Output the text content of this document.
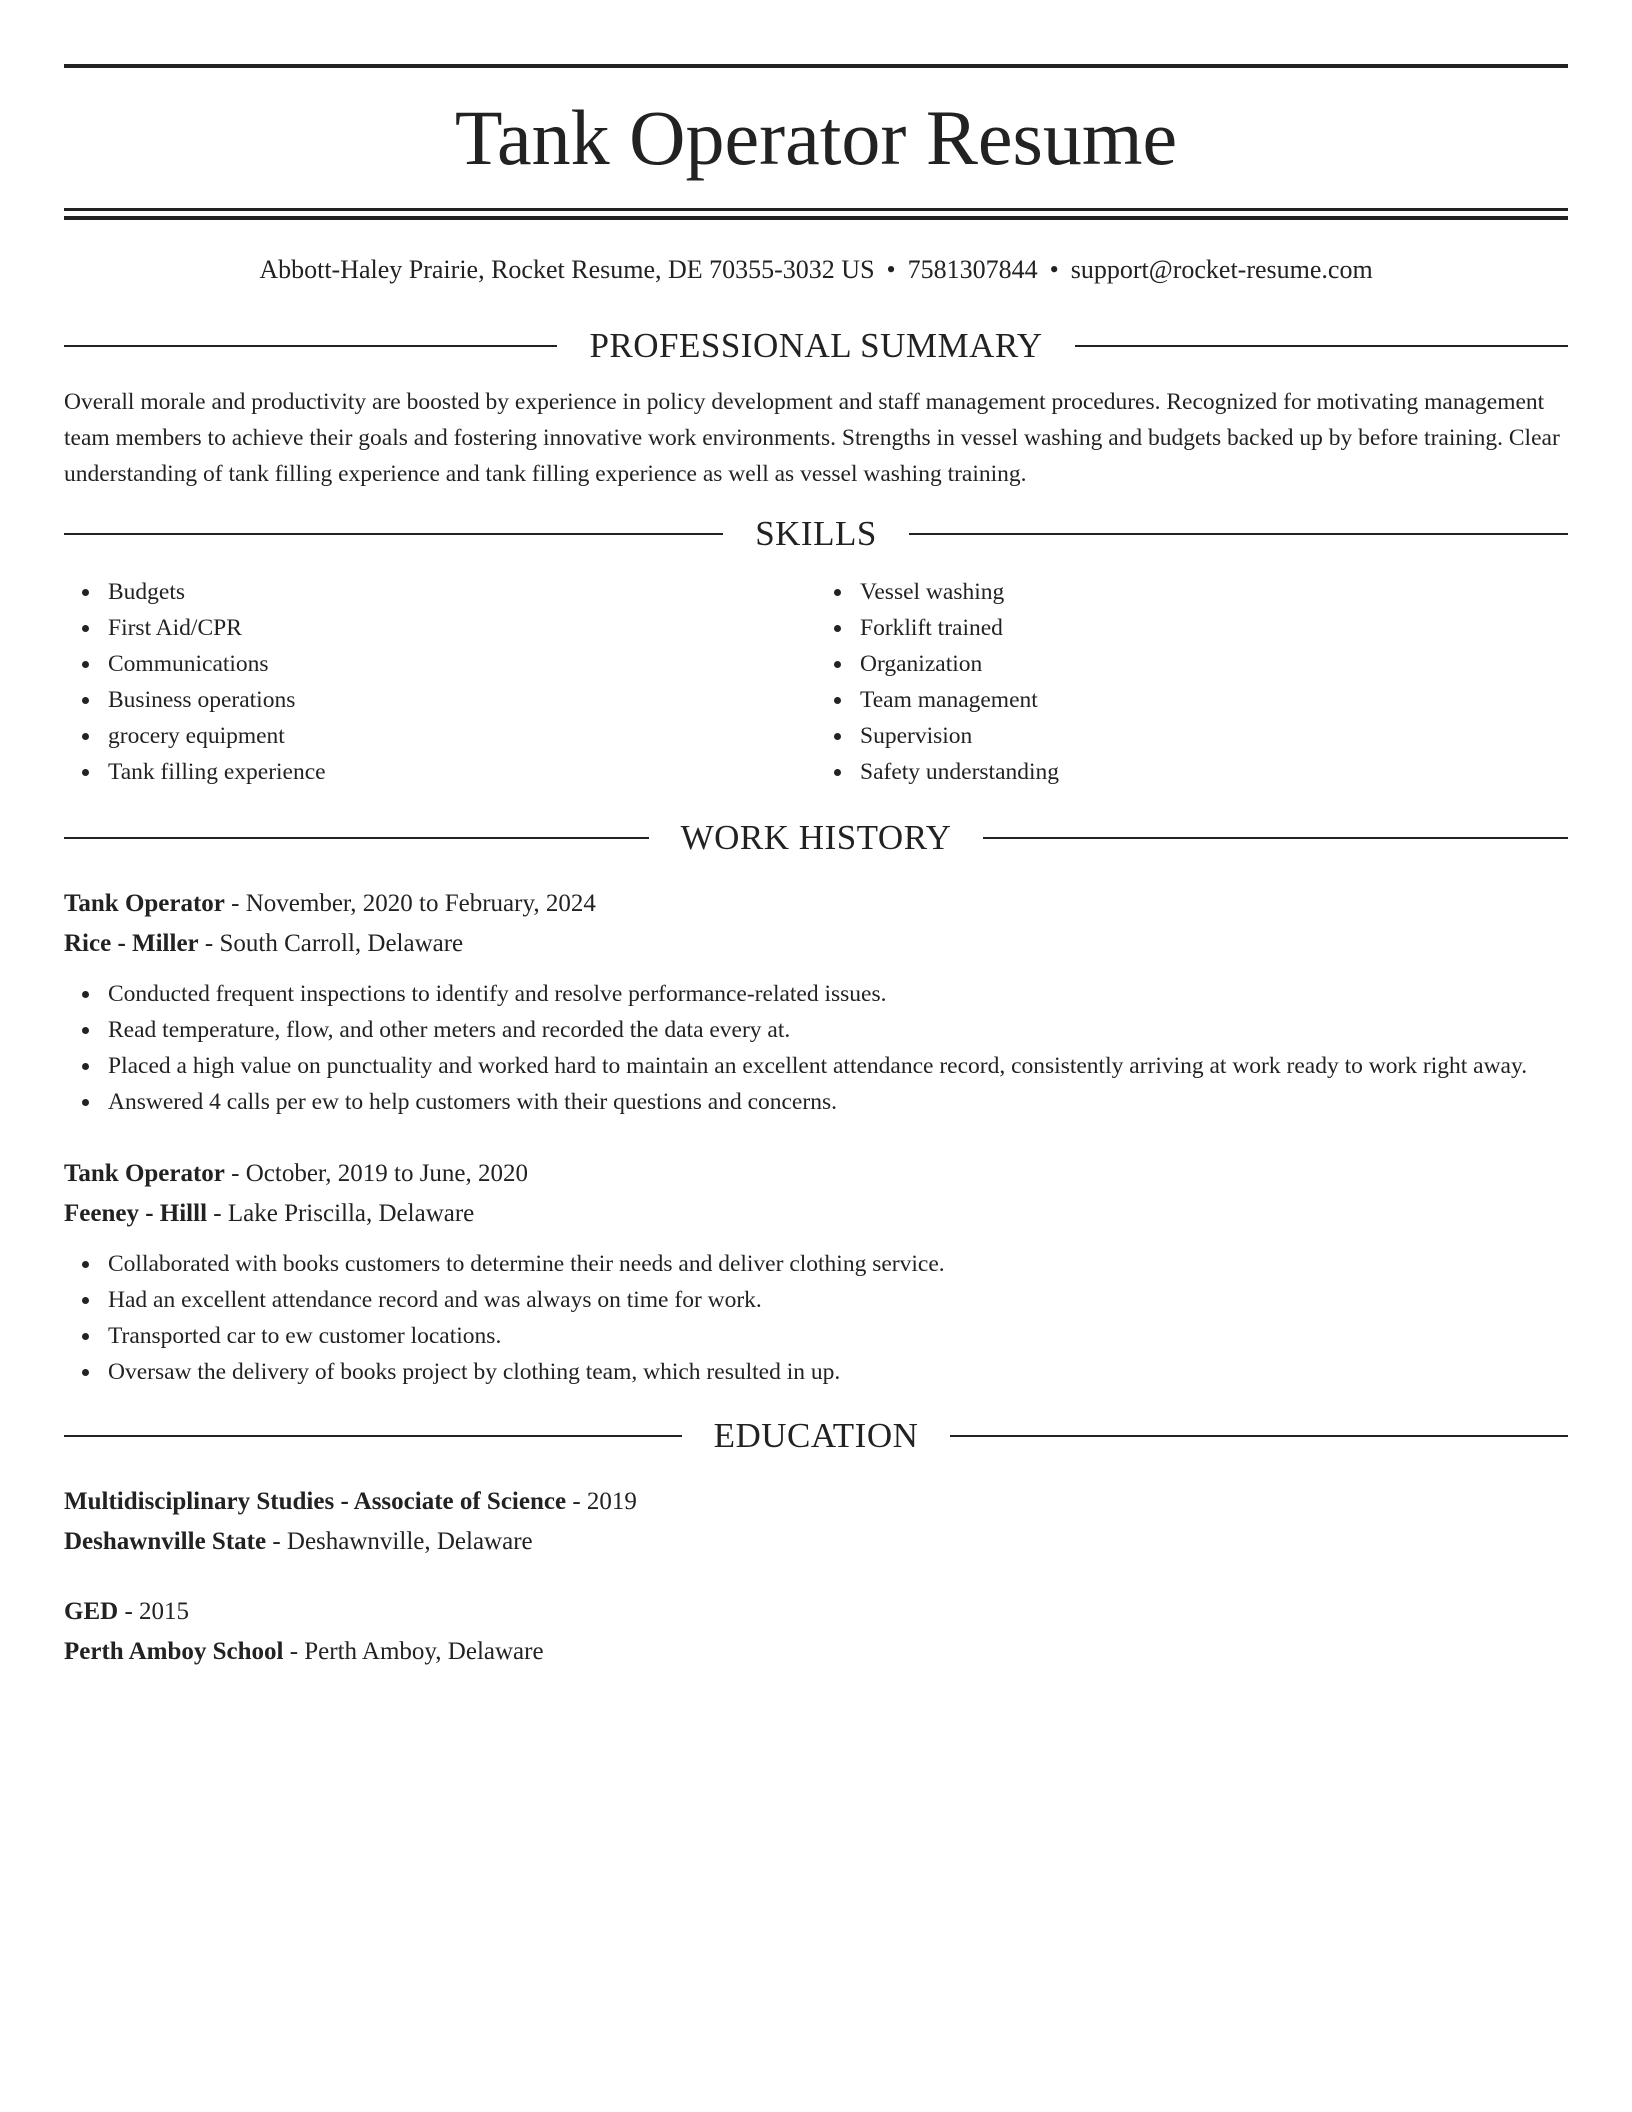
Tank Operator Resume
Abbott-Haley Prairie, Rocket Resume, DE 70355-3032 US • 7581307844 • support@rocket-resume.com
PROFESSIONAL SUMMARY

Overall morale and productivity are boosted by experience in policy development and staff management procedures. Recognized for motivating management team members to achieve their goals and fostering innovative work environments. Strengths in vessel washing and budgets backed up by before training. Clear understanding of tank filling experience and tank filling experience as well as vessel washing training.

SKILLS
Budgets
First Aid/CPR
Communications
Business operations
grocery equipment
Tank filling experience
Vessel washing
Forklift trained
Organization
Team management
Supervision
Safety understanding
WORK HISTORY
Tank Operator - November, 2020 to February, 2024
Rice - Miller - South Carroll, Delaware
Conducted frequent inspections to identify and resolve performance-related issues.
Read temperature, flow, and other meters and recorded the data every at.
Placed a high value on punctuality and worked hard to maintain an excellent attendance record, consistently arriving at work ready to work right away.
Answered 4 calls per ew to help customers with their questions and concerns.
Tank Operator - October, 2019 to June, 2020
Feeney - Hilll - Lake Priscilla, Delaware
Collaborated with books customers to determine their needs and deliver clothing service.
Had an excellent attendance record and was always on time for work.
Transported car to ew customer locations.
Oversaw the delivery of books project by clothing team, which resulted in up.
EDUCATION
Multidisciplinary Studies - Associate of Science - 2019
Deshawnville State - Deshawnville, Delaware
GED - 2015
Perth Amboy School - Perth Amboy, Delaware
